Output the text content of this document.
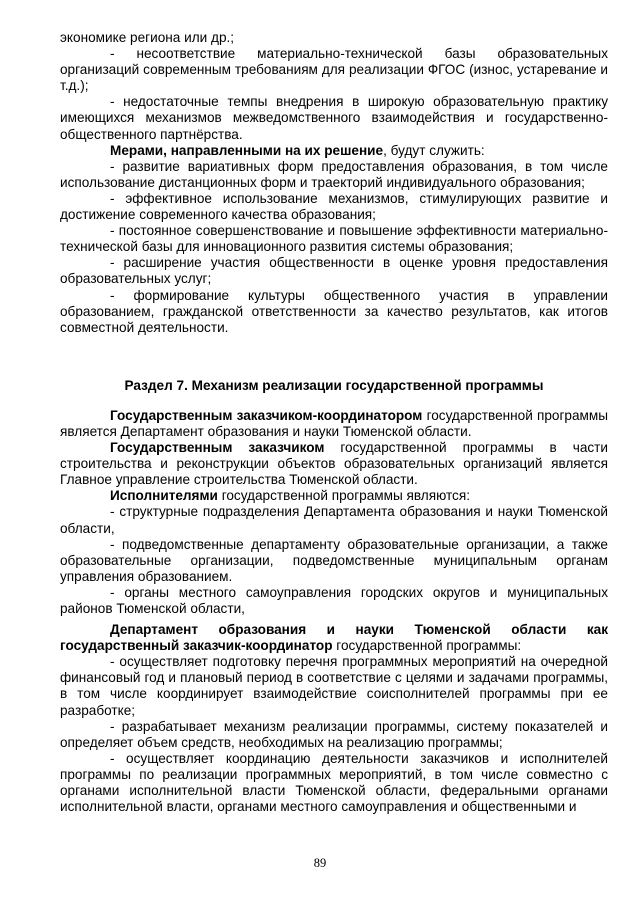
экономике региона или др.;

- несоответствие материально-технической базы образовательных организаций современным требованиям для реализации ФГОС (износ, устаревание и т.д.);

- недостаточные темпы внедрения в широкую образовательную практику имеющихся механизмов межведомственного взаимодействия и государственно-общественного партнёрства.

Мерами, направленными на их решение, будут служить:

- развитие вариативных форм предоставления образования, в том числе использование дистанционных форм и траекторий индивидуального образования;

- эффективное использование механизмов, стимулирующих развитие и достижение современного качества образования;

- постоянное совершенствование и повышение эффективности материально-технической базы для инновационного развития системы образования;

- расширение участия общественности в оценке уровня предоставления образовательных услуг;

- формирование культуры общественного участия в управлении образованием, гражданской ответственности за качество результатов, как итогов совместной деятельности.

Раздел 7. Механизм реализации государственной программы

Государственным заказчиком-координатором государственной программы является Департамент образования и науки Тюменской области.

Государственным заказчиком государственной программы в части строительства и реконструкции объектов образовательных организаций является Главное управление строительства Тюменской области.

Исполнителями государственной программы являются:

- структурные подразделения Департамента образования и науки Тюменской области,

- подведомственные департаменту образовательные организации, а также образовательные организации, подведомственные муниципальным органам управления образованием.

- органы местного самоуправления городских округов и муниципальных районов Тюменской области,

Департамент образования и науки Тюменской области как государственный заказчик-координатор государственной программы:

- осуществляет подготовку перечня программных мероприятий на очередной финансовый год и плановый период в соответствие с целями и задачами программы, в том числе координирует взаимодействие соисполнителей программы при ее разработке;

- разрабатывает механизм реализации программы, систему показателей и определяет объем средств, необходимых на реализацию программы;

- осуществляет координацию деятельности заказчиков и исполнителей программы по реализации программных мероприятий, в том числе совместно с органами исполнительной власти Тюменской области, федеральными органами исполнительной власти, органами местного самоуправления и общественными и

89
